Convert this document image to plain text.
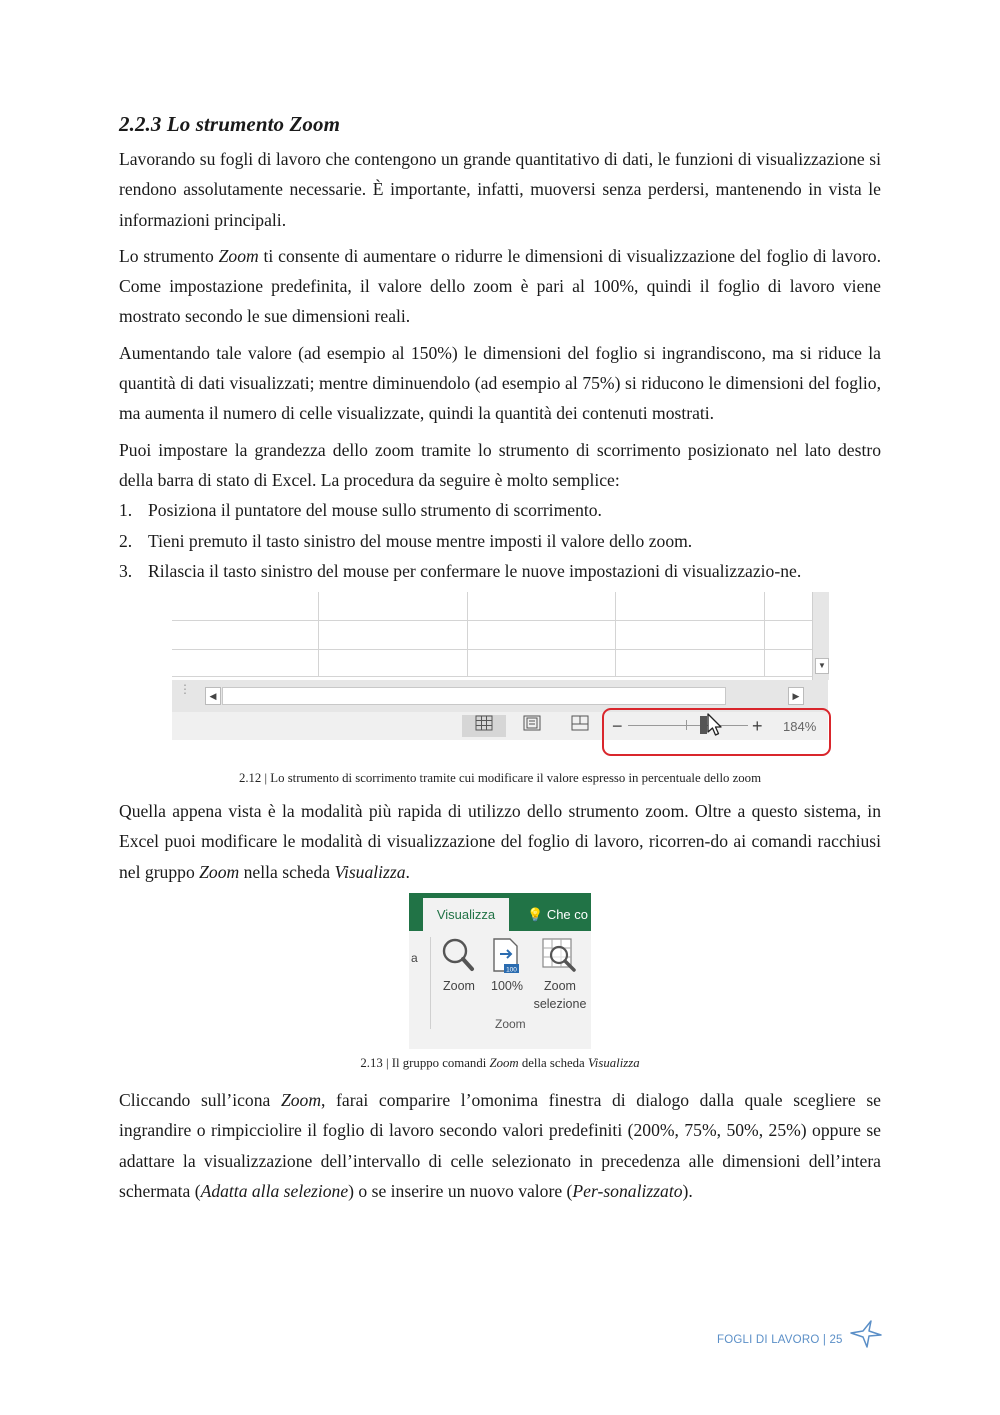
2.2.3 Lo strumento Zoom

Lavorando su fogli di lavoro che contengono un grande quantitativo di dati, le funzioni di visualizzazione si rendono assolutamente necessarie. È importante, infatti, muoversi senza perdersi, mantenendo in vista le informazioni principali.

Lo strumento Zoom ti consente di aumentare o ridurre le dimensioni di visualizzazione del foglio di lavoro. Come impostazione predefinita, il valore dello zoom è pari al 100%, quindi il foglio di lavoro viene mostrato secondo le sue dimensioni reali.

Aumentando tale valore (ad esempio al 150%) le dimensioni del foglio si ingrandiscono, ma si riduce la quantità di dati visualizzati; mentre diminuendolo (ad esempio al 75%) si riducono le dimensioni del foglio, ma aumenta il numero di celle visualizzate, quindi la quantità dei contenuti mostrati.

Puoi impostare la grandezza dello zoom tramite lo strumento di scorrimento posizionato nel lato destro della barra di stato di Excel. La procedura da seguire è molto semplice:

1. Posiziona il puntatore del mouse sullo strumento di scorrimento.
2. Tieni premuto il tasto sinistro del mouse mentre imposti il valore dello zoom.
3. Rilascia il tasto sinistro del mouse per confermare le nuove impostazioni di visualizzazio-ne.
▼
⋮	◀	▶
−	+ 184%
2.12 | Lo strumento di scorrimento tramite cui modificare il valore espresso in percentuale dello zoom

Quella appena vista è la modalità più rapida di utilizzo dello strumento zoom. Oltre a questo sistema, in Excel puoi modificare le modalità di visualizzazione del foglio di lavoro, ricorren-do ai comandi racchiusi nel gruppo Zoom nella scheda Visualizza.

Visualizza	💡 Che co
a
Zoom
100
100%	Zoom
selezione
Zoom
2.13 | Il gruppo comandi Zoom della scheda Visualizza

Cliccando sull’icona Zoom, farai comparire l’omonima finestra di dialogo dalla quale scegliere se ingrandire o rimpicciolire il foglio di lavoro secondo valori predefiniti (200%, 75%, 50%, 25%) oppure se adattare la visualizzazione dell’intervallo di celle selezionato in precedenza alle dimensioni dell’intera schermata (Adatta alla selezione) o se inserire un nuovo valore (Per-sonalizzato).

FOGLI DI LAVORO | 25
